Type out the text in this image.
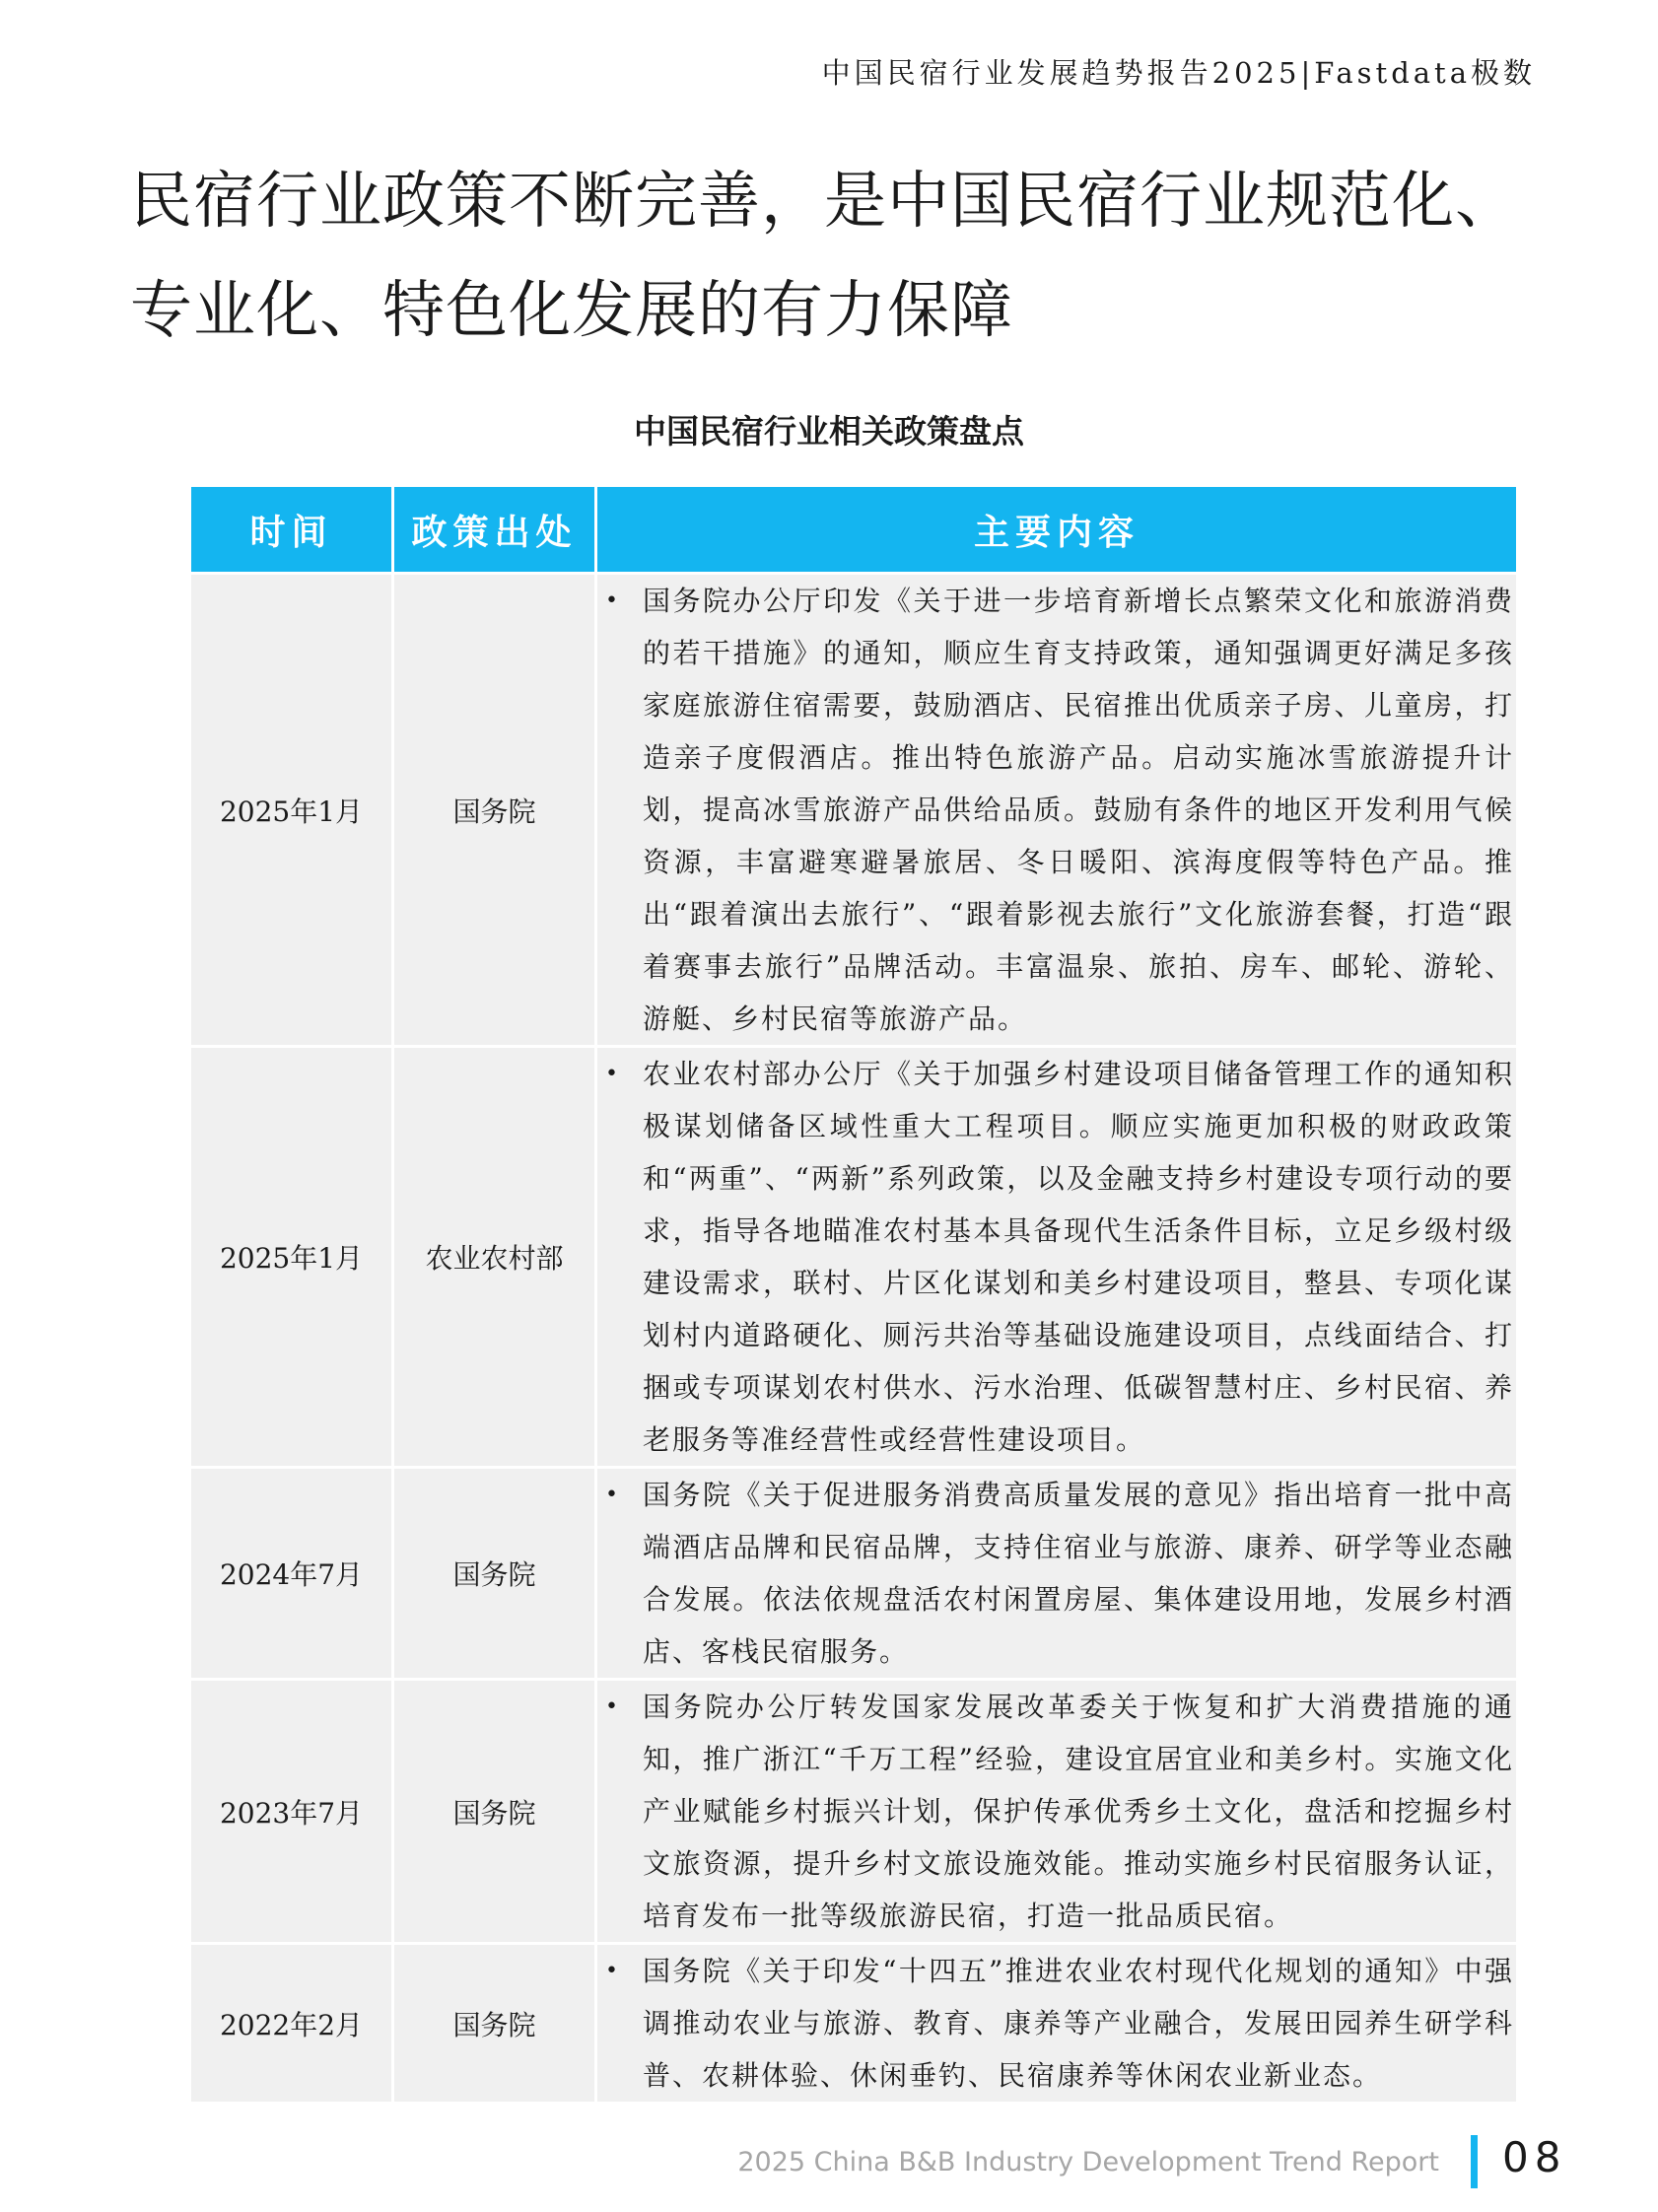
中国民宿行业发展趋势报告2025|Fastdata极数
民宿行业政策不断完善，是中国民宿行业规范化、专业化、特色化发展的有力保障
中国民宿行业相关政策盘点
时间	政策出处	主要内容
2025年1月	国务院	• 国务院办公厅印发《关于进一步培育新增长点繁荣文化和旅游消费的若干措施》的通知，顺应生育支持政策，通知强调更好满足多孩家庭旅游住宿需要，鼓励酒店、民宿推出优质亲子房、儿童房，打造亲子度假酒店。推出特色旅游产品。启动实施冰雪旅游提升计划，提高冰雪旅游产品供给品质。鼓励有条件的地区开发利用气候资源，丰富避寒避暑旅居、冬日暖阳、滨海度假等特色产品。推出“跟着演出去旅行”、“跟着影视去旅行”文化旅游套餐，打造“跟着赛事去旅行”品牌活动。丰富温泉、旅拍、房车、邮轮、游轮、游艇、乡村民宿等旅游产品。

2025年1月	农业农村部	• 农业农村部办公厅《关于加强乡村建设项目储备管理工作的通知积极谋划储备区域性重大工程项目。顺应实施更加积极的财政政策和“两重”、“两新”系列政策，以及金融支持乡村建设专项行动的要求，指导各地瞄准农村基本具备现代生活条件目标，立足乡级村级建设需求，联村、片区化谋划和美乡村建设项目，整县、专项化谋划村内道路硬化、厕污共治等基础设施建设项目，点线面结合、打捆或专项谋划农村供水、污水治理、低碳智慧村庄、乡村民宿、养老服务等准经营性或经营性建设项目。

2024年7月	国务院	• 国务院《关于促进服务消费高质量发展的意见》指出培育一批中高端酒店品牌和民宿品牌，支持住宿业与旅游、康养、研学等业态融合发展。依法依规盘活农村闲置房屋、集体建设用地，发展乡村酒店、客栈民宿服务。

2023年7月	国务院	• 国务院办公厅转发国家发展改革委关于恢复和扩大消费措施的通知，推广浙江“千万工程”经验，建设宜居宜业和美乡村。实施文化产业赋能乡村振兴计划，保护传承优秀乡土文化，盘活和挖掘乡村文旅资源，提升乡村文旅设施效能。推动实施乡村民宿服务认证，培育发布一批等级旅游民宿，打造一批品质民宿。

2022年2月	国务院	• 国务院《关于印发“十四五”推进农业农村现代化规划的通知》中强调推动农业与旅游、教育、康养等产业融合，发展田园养生研学科普、农耕体验、休闲垂钓、民宿康养等休闲农业新业态。
2025 China B&B Industry Development Trend Report 08
